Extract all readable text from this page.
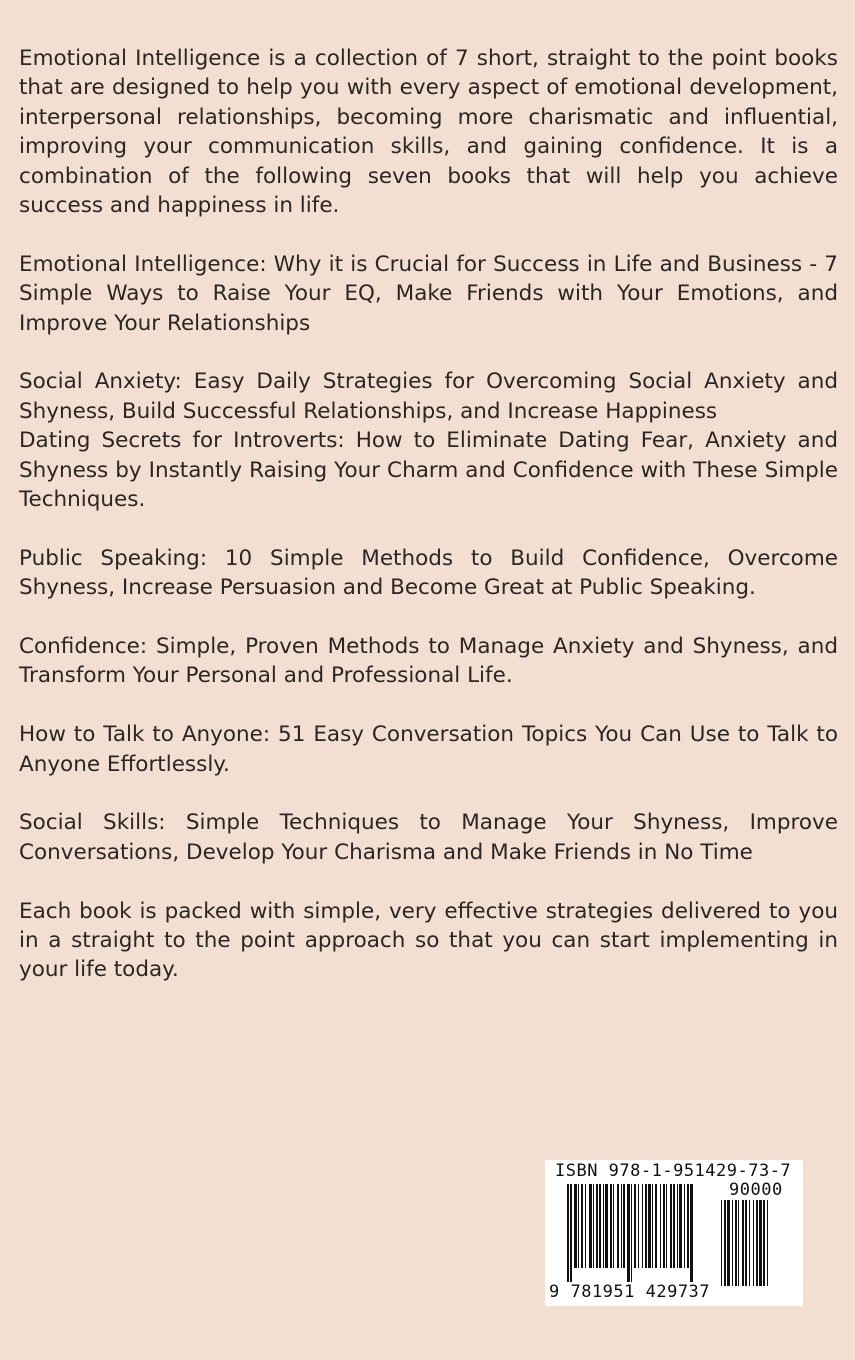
Emotional Intelligence is a collection of 7 short, straight to the point books that are designed to help you with every aspect of emotional development, interpersonal relationships, becoming more charismatic and influential, improving your communication skills, and gaining confidence. It is a combination of the following seven books that will help you achieve success and happiness in life.

Emotional Intelligence: Why it is Crucial for Success in Life and Business - 7 Simple Ways to Raise Your EQ, Make Friends with Your Emotions, and Improve Your Relationships

Social Anxiety: Easy Daily Strategies for Overcoming Social Anxiety and Shyness, Build Successful Relationships, and Increase Happiness

Dating Secrets for Introverts: How to Eliminate Dating Fear, Anxiety and Shyness by Instantly Raising Your Charm and Confidence with These Simple Techniques.

Public Speaking: 10 Simple Methods to Build Confidence, Overcome Shyness, Increase Persuasion and Become Great at Public Speaking.

Confidence: Simple, Proven Methods to Manage Anxiety and Shyness, and Transform Your Personal and Professional Life.

How to Talk to Anyone: 51 Easy Conversation Topics You Can Use to Talk to Anyone Effortlessly.

Social Skills: Simple Techniques to Manage Your Shyness, Improve Conversations, Develop Your Charisma and Make Friends in No Time

Each book is packed with simple, very effective strategies delivered to you in a straight to the point approach so that you can start implementing in your life today.

ISBN 978-1-951429-73-7
90000
9 781951 429737
